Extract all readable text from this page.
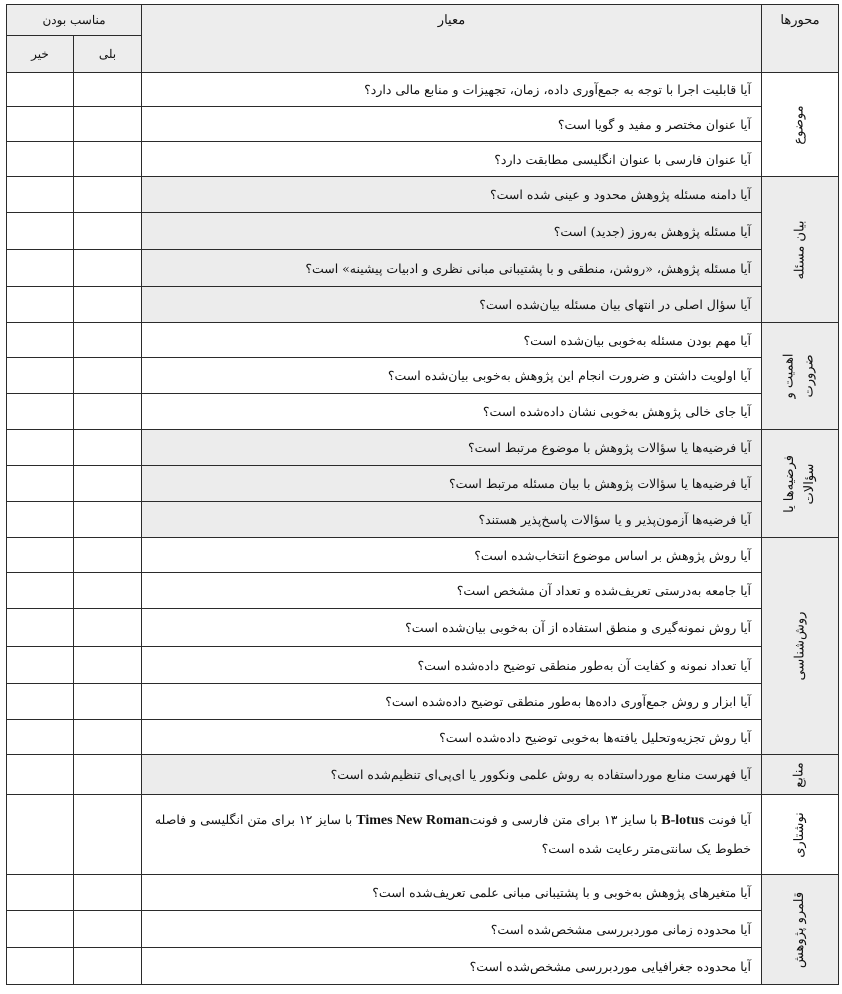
محورها	معیار	مناسب بودن	
		بلی	خیر

موضوع	آیا قابلیت اجرا با توجه به جمع‌آوری داده، زمان، تجهیزات و منابع مالی دارد؟		
	آیا عنوان مختصر و مفید و گویا است؟		
	آیا عنوان فارسی با عنوان انگلیسی مطابقت دارد؟		

بیان مسئله	آیا دامنه مسئله پژوهش محدود و عینی شده است؟		
	آیا مسئله پژوهش به‌روز (جدید) است؟		
	آیا مسئله پژوهش، «روشن، منطقی و با پشتیبانی مبانی نظری و ادبیات پیشینه» است؟		
	آیا سؤال اصلی در انتهای بیان مسئله بیان‌شده است؟		

اهمیت و ضرورت	آیا مهم بودن مسئله به‌خوبی بیان‌شده است؟		
	آیا اولویت داشتن و ضرورت انجام این پژوهش به‌خوبی بیان‌شده است؟		
	آیا جای خالی پژوهش به‌خوبی نشان داده‌شده است؟		

فرضیه‌ها یا سؤالات	آیا فرضیه‌ها یا سؤالات پژوهش با موضوع مرتبط است؟		
	آیا فرضیه‌ها یا سؤالات پژوهش با بیان مسئله مرتبط است؟		
	آیا فرضیه‌ها آزمون‌پذیر و یا سؤالات پاسخ‌پذیر هستند؟		

روش‌شناسی	آیا روش پژوهش بر اساس موضوع انتخاب‌شده است؟		
	آیا جامعه به‌درستی تعریف‌شده و تعداد آن مشخص است؟		
	آیا روش نمونه‌گیری و منطق استفاده از آن به‌خوبی بیان‌شده است؟		
	آیا تعداد نمونه و کفایت آن به‌طور منطقی توضیح داده‌شده است؟		
	آیا ابزار و روش جمع‌آوری داده‌ها به‌طور منطقی توضیح داده‌شده است؟		
	آیا روش تجزیه‌وتحلیل یافته‌ها به‌خوبی توضیح داده‌شده است؟		

منابع	آیا فهرست منابع مورداستفاده به روش علمی ونکوور یا ای‌پی‌ای تنظیم‌شده است؟		

نوشتاری	آیا فونت B-lotus با سایز ۱۳ برای متن فارسی و فونتTimes New Roman با سایز ۱۲ برای متن انگلیسی و فاصله خطوط یک سانتی‌متر رعایت شده است؟		

قلمرو پژوهش	آیا متغیرهای پژوهش به‌خوبی و با پشتیبانی مبانی علمی تعریف‌شده است؟		
	آیا محدوده زمانی موردبررسی مشخص‌شده است؟		
	آیا محدوده جغرافیایی موردبررسی مشخص‌شده است؟		
